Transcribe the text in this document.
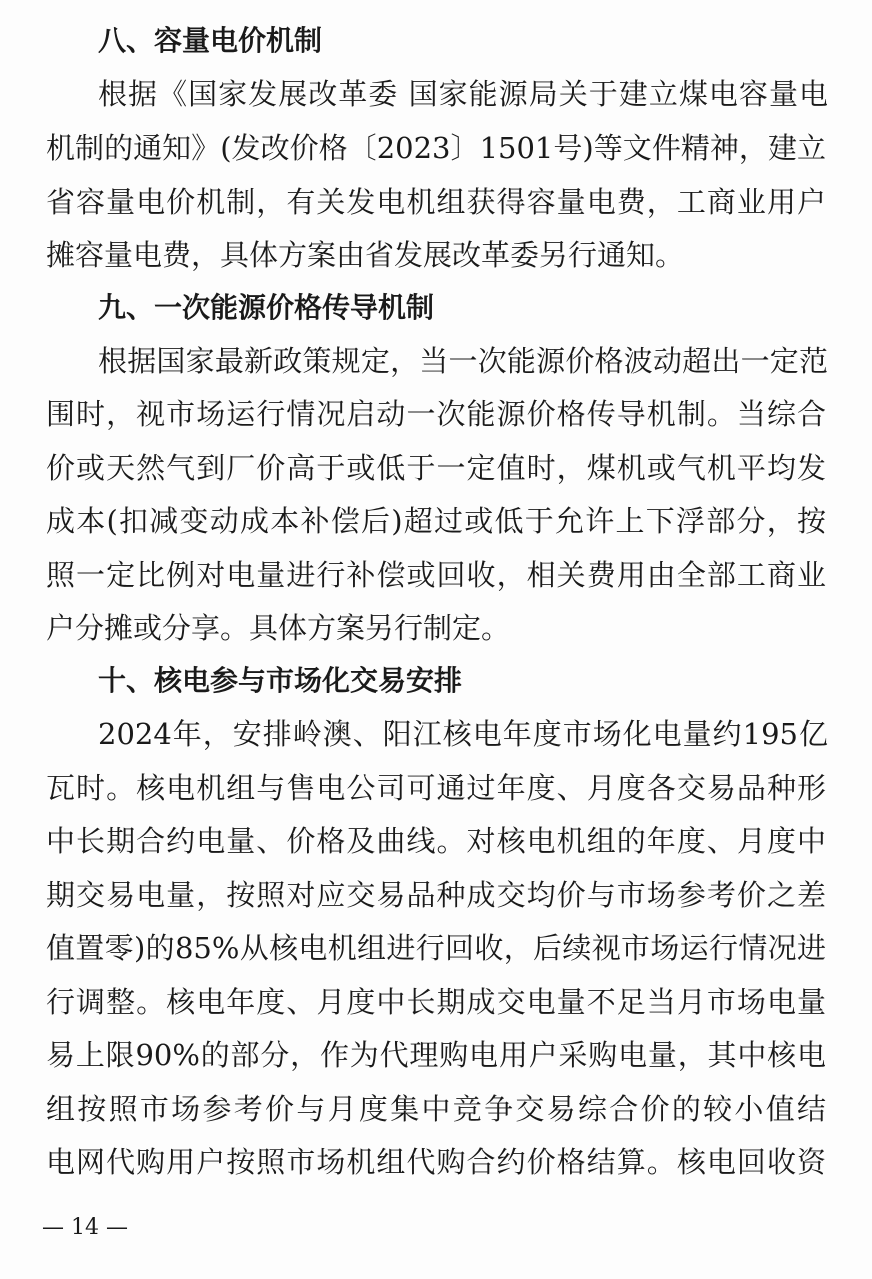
八、容量电价机制
根据《国家发展改革委 国家能源局关于建立煤电容量电
机制的通知》(发改价格〔2023〕1501号)等文件精神，建立
省容量电价机制，有关发电机组获得容量电费，工商业用户
摊容量电费，具体方案由省发展改革委另行通知。
九、一次能源价格传导机制
根据国家最新政策规定，当一次能源价格波动超出一定范
围时，视市场运行情况启动一次能源价格传导机制。当综合
价或天然气到厂价高于或低于一定值时，煤机或气机平均发
成本(扣减变动成本补偿后)超过或低于允许上下浮部分，按
照一定比例对电量进行补偿或回收，相关费用由全部工商业
户分摊或分享。具体方案另行制定。
十、核电参与市场化交易安排
2024年，安排岭澳、阳江核电年度市场化电量约195亿
瓦时。核电机组与售电公司可通过年度、月度各交易品种形
中长期合约电量、价格及曲线。对核电机组的年度、月度中
期交易电量，按照对应交易品种成交均价与市场参考价之差
值置零)的85%从核电机组进行回收，后续视市场运行情况进
行调整。核电年度、月度中长期成交电量不足当月市场电量
易上限90%的部分，作为代理购电用户采购电量，其中核电
组按照市场参考价与月度集中竞争交易综合价的较小值结
电网代购用户按照市场机组代购合约价格结算。核电回收资
— 14 —
